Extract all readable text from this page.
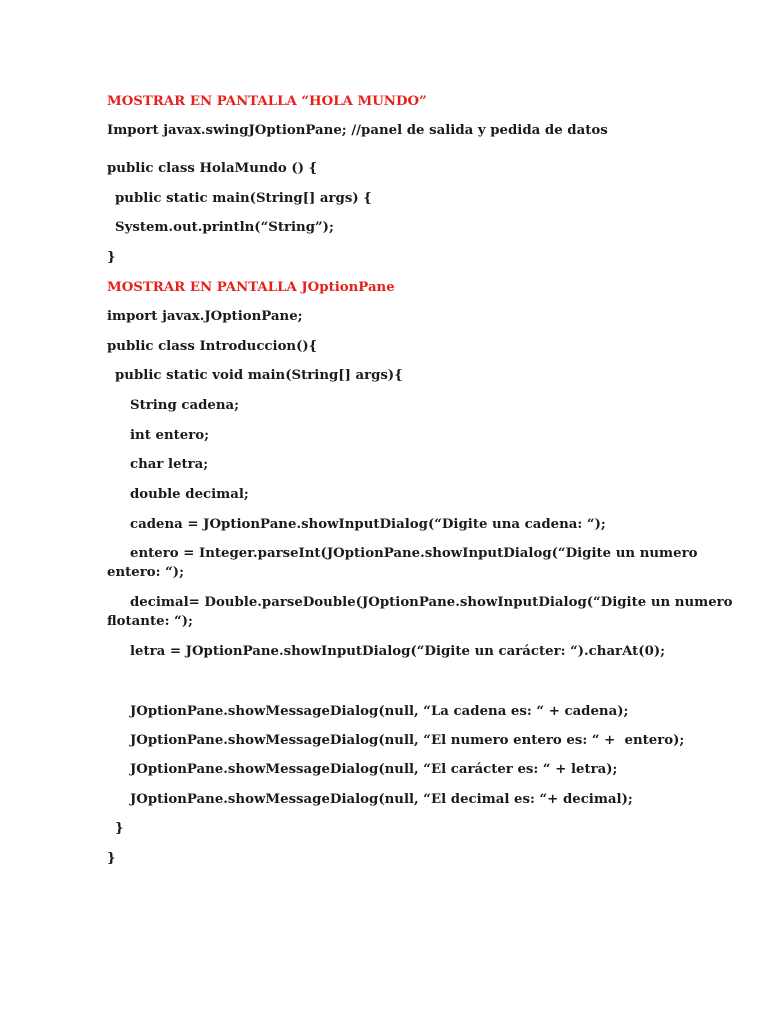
MOSTRAR EN PANTALLA “HOLA MUNDO”

Import javax.swingJOptionPane; //panel de salida y pedida de datos

public class HolaMundo () {

public static main(String[] args) {

System.out.println(“String”);

}

MOSTRAR EN PANTALLA JOptionPane

import javax.JOptionPane;

public class Introduccion(){

public static void main(String[] args){

String cadena;

int entero;

char letra;

double decimal;

cadena = JOptionPane.showInputDialog(“Digite una cadena: “);

entero = Integer.parseInt(JOptionPane.showInputDialog(“Digite un numero

entero: “);

decimal= Double.parseDouble(JOptionPane.showInputDialog(“Digite un numero

flotante: “);

letra = JOptionPane.showInputDialog(“Digite un carácter: “).charAt(0);

JOptionPane.showMessageDialog(null, “La cadena es: “ + cadena);

JOptionPane.showMessageDialog(null, “El numero entero es: “ +  entero);

JOptionPane.showMessageDialog(null, “El carácter es: “ + letra);

JOptionPane.showMessageDialog(null, “El decimal es: “+ decimal);

}

}
